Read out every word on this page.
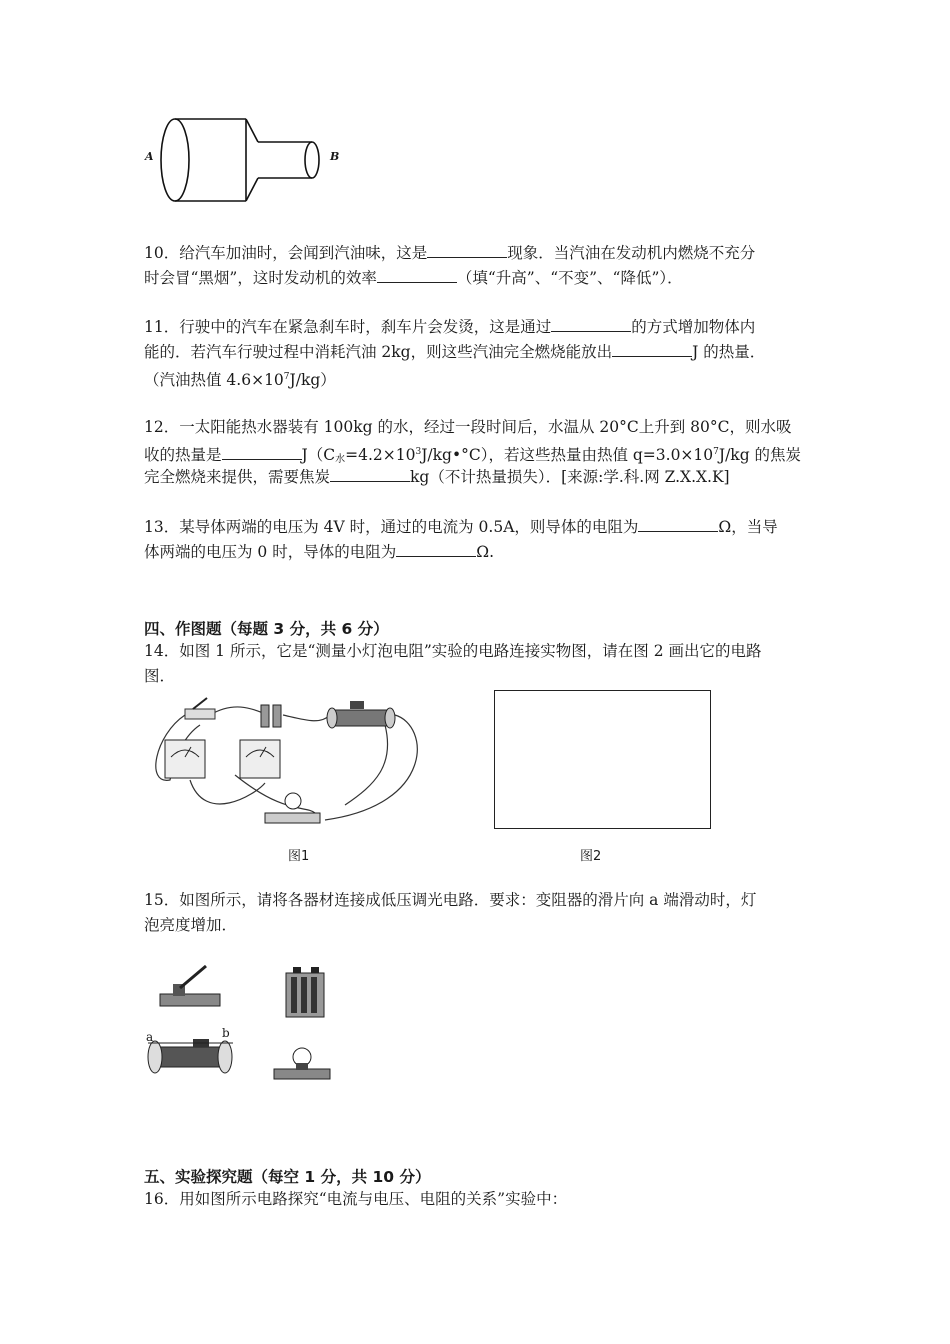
A	B
10．给汽车加油时，会闻到汽油味，这是	现象．当汽油在发动机内燃烧不充分
时会冒“黑烟”，这时发动机的效率	（填“升高”、“不变”、“降低”）．
11．行驶中的汽车在紧急刹车时，刹车片会发烫，这是通过	的方式增加物体内
能的．若汽车行驶过程中消耗汽油 2kg，则这些汽油完全燃烧能放出	J 的热量．
（汽油热值 $4.6\times 10^7J/kg$）
12．一太阳能热水器装有 100kg 的水，经过一段时间后，水温从 20°C上升到 80°C，则水吸
收的热量是	$J(C_水=4.2\times 10^3J/kg•^\circ C)$，若这些热量由热值 $q=3.0\times 10^7J/kg$ 的焦炭
完全燃烧来提供，需要焦炭	kg（不计热量损失）．[来源:学.科.网 Z.X.X.K]
13．某导体两端的电压为 4V 时，通过的电流为 0.5A，则导体的电阻为	Ω，当导
体两端的电压为 0 时，导体的电阻为	Ω.
四、作图题（每题 3 分，共 6 分）
14．如图 1 所示，它是“测量小灯泡电阻”实验的电路连接实物图，请在图 2 画出它的电路
图．
图1	图2
15．如图所示，请将各器材连接成低压调光电路．要求：变阻器的滑片向 a 端滑动时，灯
泡亮度增加．
a	b
五、实验探究题（每空 1 分，共 10 分）
16．用如图所示电路探究“电流与电压、电阻的关系”实验中：
